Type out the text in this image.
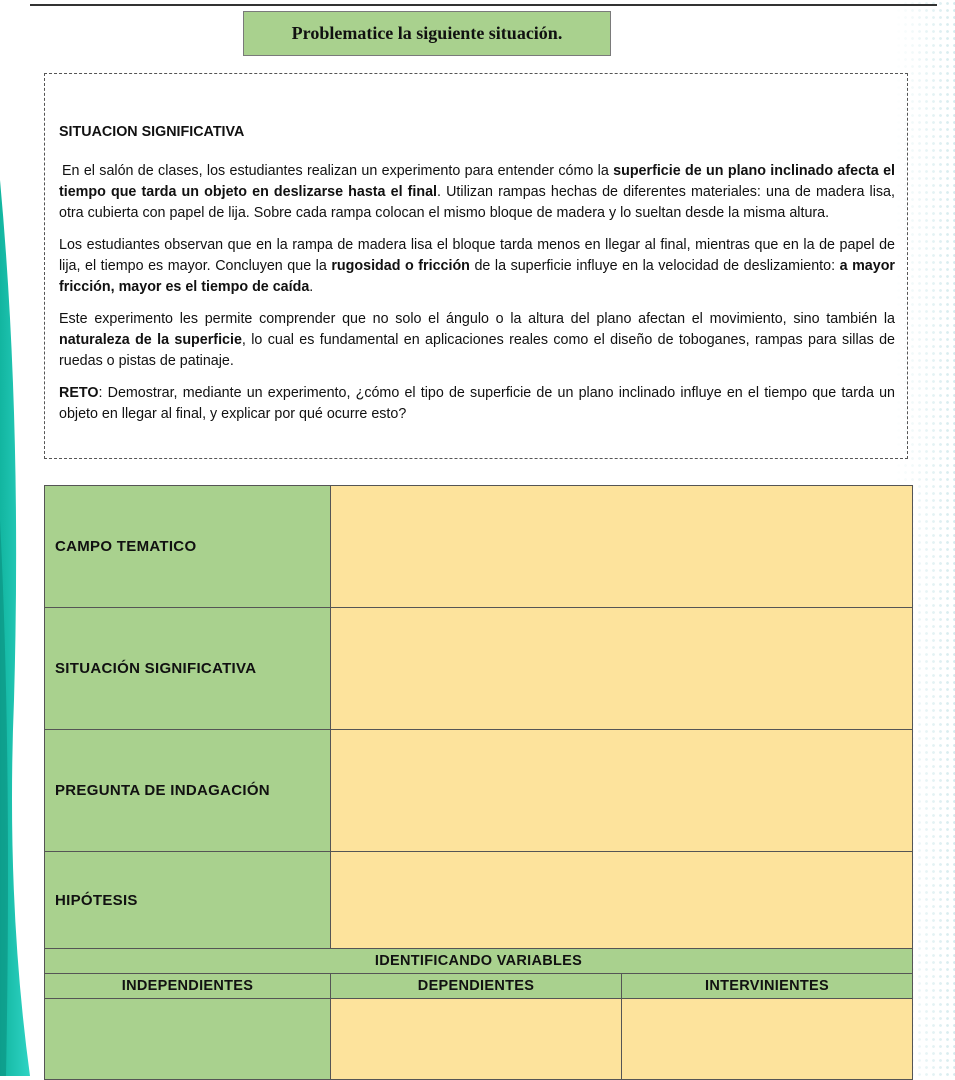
Problematice la siguiente situación.
SITUACION SIGNIFICATIVA

En el salón de clases, los estudiantes realizan un experimento para entender cómo la superficie de un plano inclinado afecta el tiempo que tarda un objeto en deslizarse hasta el final. Utilizan rampas hechas de diferentes materiales: una de madera lisa, otra cubierta con papel de lija. Sobre cada rampa colocan el mismo bloque de madera y lo sueltan desde la misma altura.

Los estudiantes observan que en la rampa de madera lisa el bloque tarda menos en llegar al final, mientras que en la de papel de lija, el tiempo es mayor. Concluyen que la rugosidad o fricción de la superficie influye en la velocidad de deslizamiento: a mayor fricción, mayor es el tiempo de caída.

Este experimento les permite comprender que no solo el ángulo o la altura del plano afectan el movimiento, sino también la naturaleza de la superficie, lo cual es fundamental en aplicaciones reales como el diseño de toboganes, rampas para sillas de ruedas o pistas de patinaje.

RETO: Demostrar, mediante un experimento, ¿cómo el tipo de superficie de un plano inclinado influye en el tiempo que tarda un objeto en llegar al final, y explicar por qué ocurre esto?

CAMPO TEMATICO		
SITUACIÓN SIGNIFICATIVA		
PREGUNTA DE INDAGACIÓN		
HIPÓTESIS		
IDENTIFICANDO VARIABLES		
INDEPENDIENTES	DEPENDIENTES	INTERVINIENTES
